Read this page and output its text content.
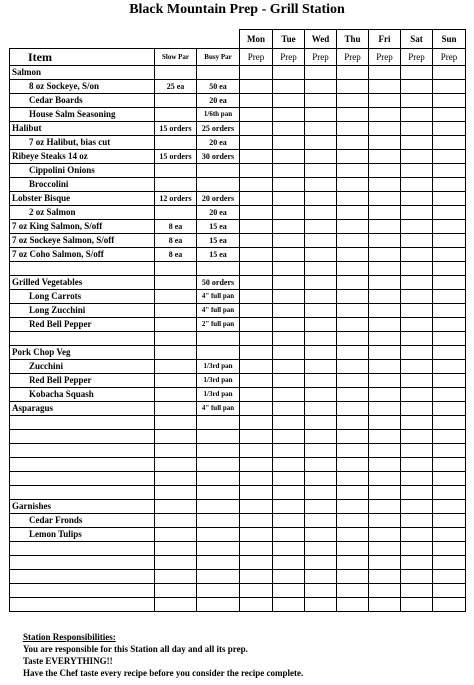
Black Mountain Prep - Grill Station
			Mon	Tue	Wed	Thu	Fri	Sat	Sun
Item	Slow Par	Busy Par	Prep	Prep	Prep	Prep	Prep	Prep	Prep
Salmon									
8 oz Sockeye, S/on	25 ea	50 ea							
Cedar Boards		20 ea							
House Salm Seasoning		1/6th pan							
Halibut	15 orders	25 orders							
7 oz Halibut, bias cut		20 ea							
Ribeye Steaks 14 oz	15 orders	30 orders							
Cippolini Onions									
Broccolini									
Lobster Bisque	12 orders	20 orders							
2 oz Salmon		20 ea							
7 oz King Salmon, S/off	8 ea	15 ea							
7 oz Sockeye Salmon, S/off	8 ea	15 ea							
7 oz Coho Salmon, S/off	8 ea	15 ea							

Grilled Vegetables		50 orders							
Long Carrots		4" full pan							
Long Zucchini		4" full pan							
Red Bell Pepper		2" full pan							

Pork Chop Veg									
Zucchini		1/3rd pan							
Red Bell Pepper		1/3rd pan							
Kobacha Squash		1/3rd pan							
Asparagus		4" full pan							

Garnishes									
Cedar Fronds									
Lemon Tulips									

Station Responsibilities:
You are responsible for this Station all day and all its prep.
Taste EVERYTHING!!
Have the Chef taste every recipe before you consider the recipe complete.
